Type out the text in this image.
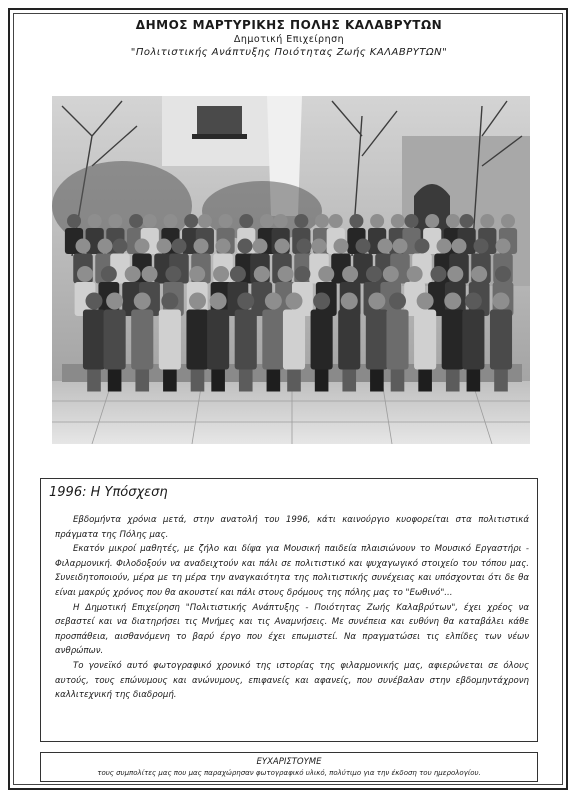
ΔΗΜΟΣ ΜΑΡΤΥΡΙΚΗΣ ΠΟΛΗΣ ΚΑΛΑΒΡΥΤΩΝ
Δημοτική Επιχείρηση
"Πολιτιστικής Ανάπτυξης Ποιότητας Ζωής ΚΑΛΑΒΡΥΤΩΝ"
1996: Η Υπόσχεση

Εβδομήντα χρόνια μετά, στην ανατολή του 1996, κάτι καινούργιο κυοφορείται στα πολιτιστικά πράγματα της Πόλης μας.

Εκατόν μικροί μαθητές, με ζήλο και δίψα για Μουσική παιδεία πλαισιώνουν το Μουσικό Εργαστήρι - Φιλαρμονική. Φιλοδοξούν να αναδειχτούν και πάλι σε πολιτιστικό και ψυχαγωγικό στοιχείο του τόπου μας. Συνειδητοποιούν, μέρα με τη μέρα την αναγκαιότητα της πολιτιστικής συνέχειας και υπόσχονται ότι δε θα είναι μακρύς χρόνος που θα ακουστεί και πάλι στους δρόμους της πόλης μας το "Εωθινό"...

Η Δημοτική Επιχείρηση "Πολιτιστικής Ανάπτυξης - Ποιότητας Ζωής Καλαβρύτων", έχει χρέος να σεβαστεί και να διατηρήσει τις Μνήμες και τις Αναμνήσεις. Με συνέπεια και ευθύνη θα καταβάλει κάθε προσπάθεια, αισθανόμενη το βαρύ έργο που έχει επωμιστεί. Να πραγματώσει τις ελπίδες των νέων ανθρώπων.

Το γονεϊκό αυτό φωτογραφικό χρονικό της ιστορίας της φιλαρμονικής μας, αφιερώνεται σε όλους αυτούς, τους επώνυμους και ανώνυμους, επιφανείς και αφανείς, που συνέβαλαν στην εβδομηντάχρονη καλλιτεχνική της διαδρομή.

ΕΥΧΑΡΙΣΤΟΥΜΕ
τους συμπολίτες μας που μας παραχώρησαν φωτογραφικό υλικό, πολύτιμο για την έκδοση του ημερολογίου.
